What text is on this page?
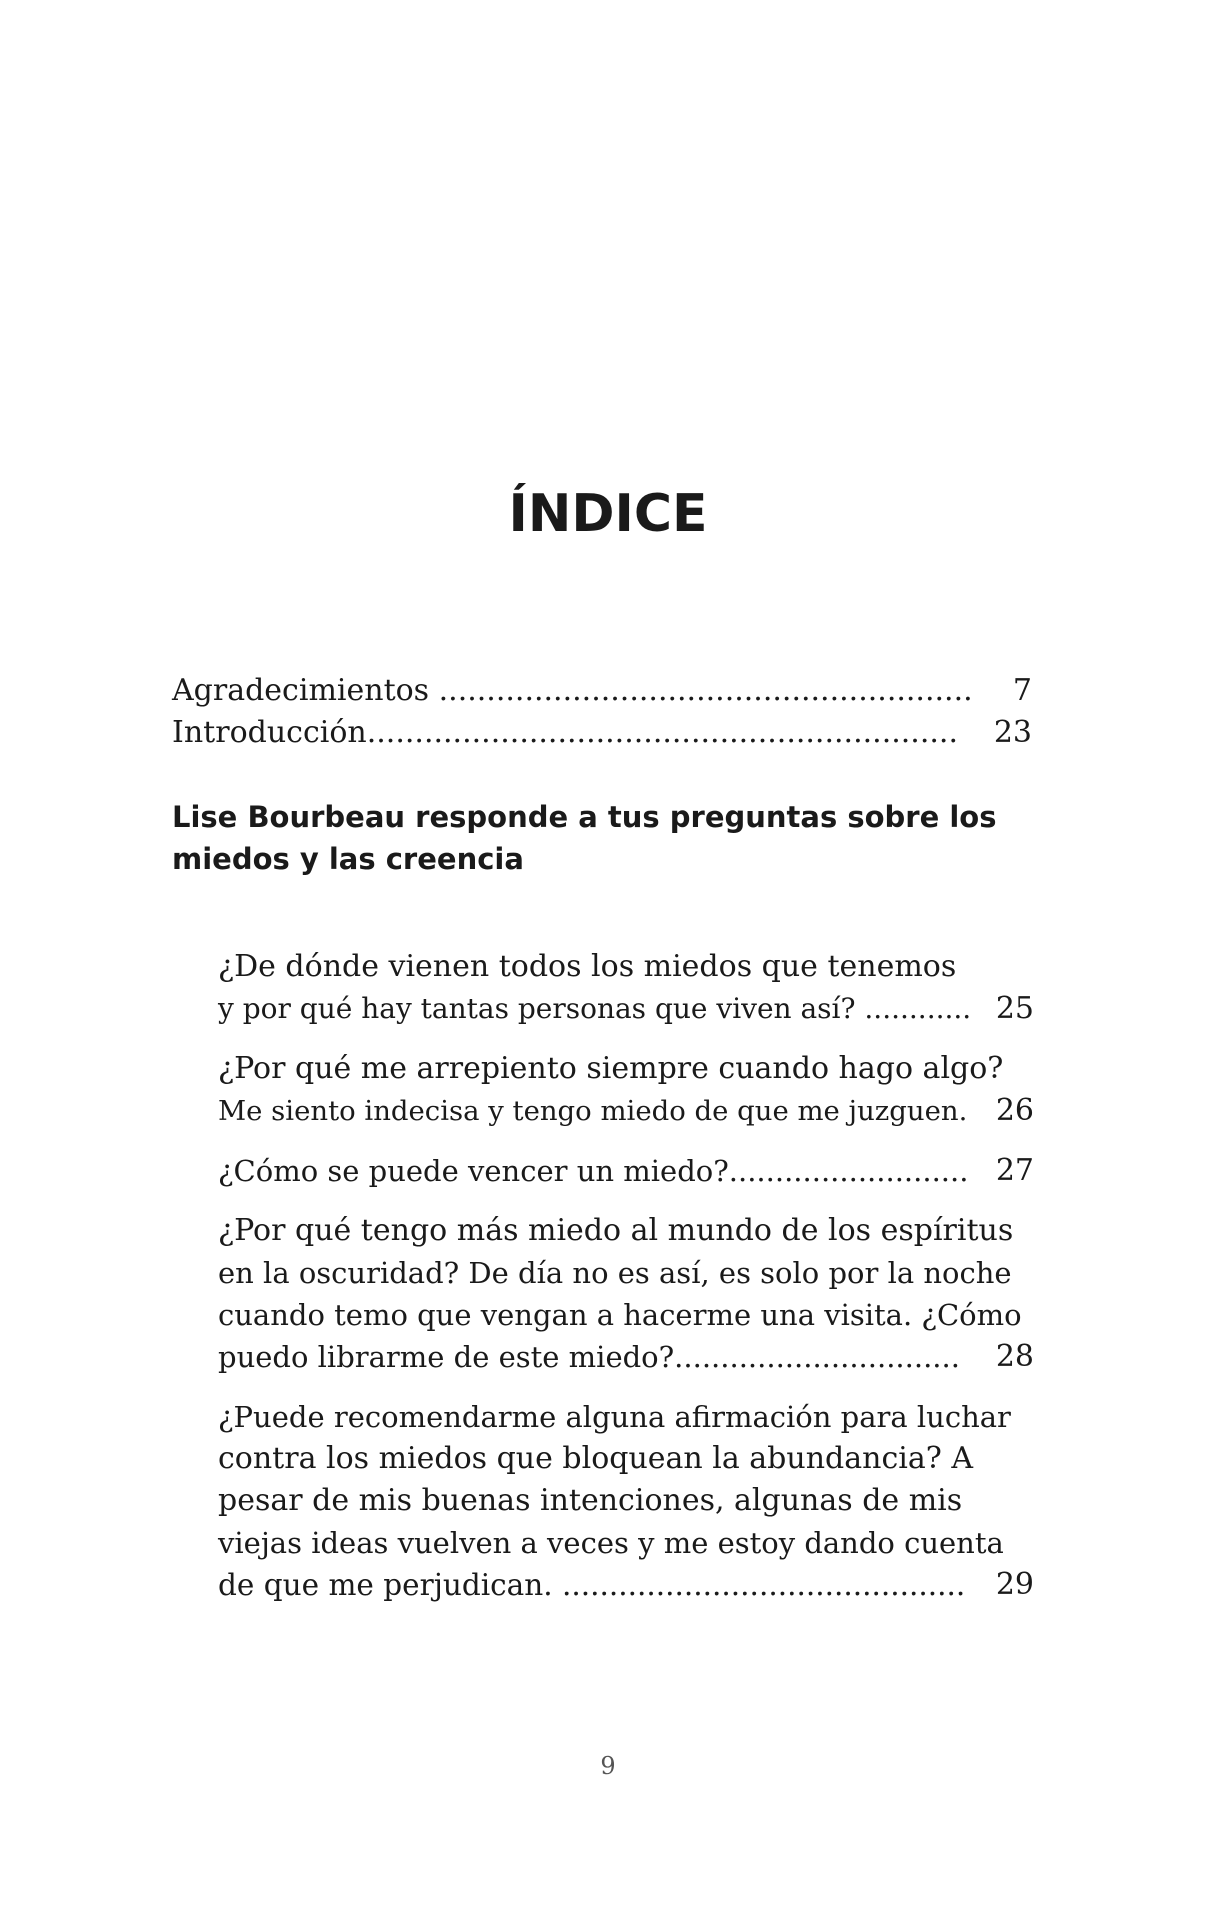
ÍNDICE
Agradecimientos ........................................................	7
Introducción..............................................................	23
Lise Bourbeau responde a tus preguntas sobre los
miedos y las creencia
¿De dónde vienen todos los miedos que tenemos
y por qué hay tantas personas que viven así? ............ 25
¿Por qué me arrepiento siempre cuando hago algo?
Me siento indecisa y tengo miedo de que me juzguen. 26
¿Cómo se puede vencer un miedo?.......................... 27
¿Por qué tengo más miedo al mundo de los espíritus
en la oscuridad? De día no es así, es solo por la noche
cuando temo que vengan a hacerme una visita. ¿Cómo
puedo librarme de este miedo?...............................	28
¿Puede recomendarme alguna afirmación para luchar
contra los miedos que bloquean la abundancia? A
pesar de mis buenas intenciones, algunas de mis
viejas ideas vuelven a veces y me estoy dando cuenta
de que me perjudican. ...........................................	29
9
